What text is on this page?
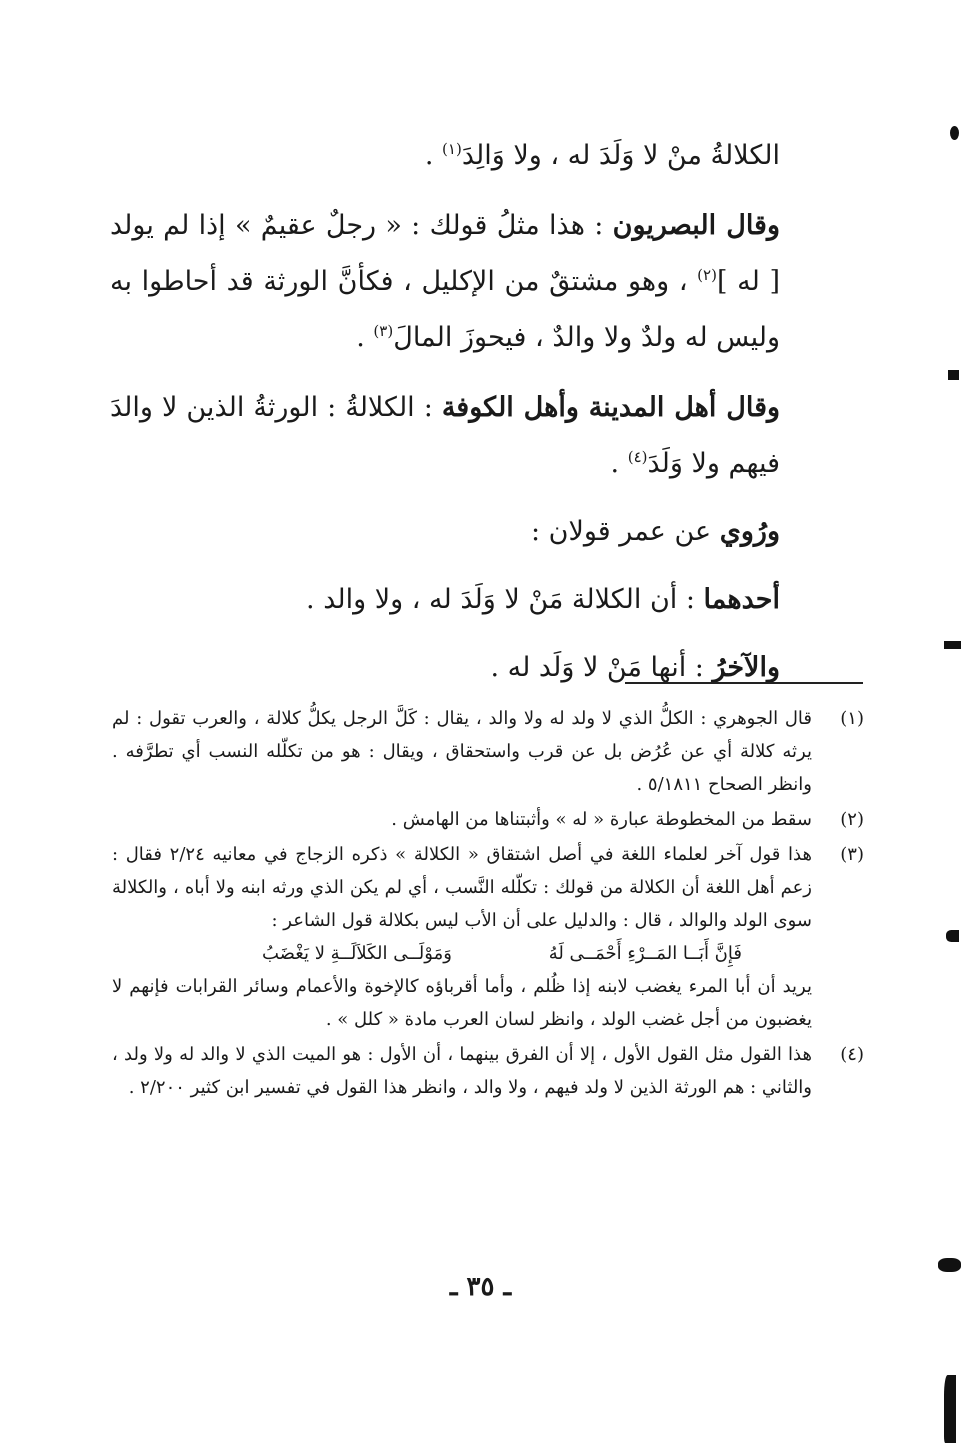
الكلالةُ منْ لا وَلَدَ له ، ولا وَالِدَ$^{(١)}$ .

وقال البصريون : هذا مثلُ قولك : « رجلٌ عقيمٌ » إذا لم يولد [ له ]$^{(٢)}$ ، وهو مشتقٌ من الإكليل ، فكأنَّ الورثة قد أحاطوا به وليس له ولدٌ ولا والدٌ ، فيحوزَ المالَ$^{(٣)}$ .

وقال أهل المدينة وأهل الكوفة : الكلالةُ : الورثةُ الذين لا والدَ فيهم ولا وَلَدَ$^{(٤)}$ .

ورُوي عن عمر قولان :

أحدهما : أن الكلالة مَنْ لا وَلَدَ له ، ولا والد .

والآخرُ : أنها مَنْ لا وَلَد له .

(١)
قال الجوهري : الكلُّ الذي لا ولد له ولا والد ، يقال : كَلَّ الرجل يكلُّ كلالة ، والعرب تقول : لم يرثه كلالة أي عن عُرُض بل عن قرب واستحقاق ، ويقال : هو من تكلّله النسب أي تطرَّفه . وانظر الصحاح ٥/١٨١١ .
(٢)
سقط من المخطوطة عبارة « له » وأثبتناها من الهامش .
(٣)
هذا قول آخر لعلماء اللغة في أصل اشتقاق « الكلالة » ذكره الزجاج في معانيه ٢/٢٤ فقال : زعم أهل اللغة أن الكلالة من قولك : تكلّله النَّسب ، أي لم يكن الذي ورثه ابنه ولا أباه ، والكلالة سوى الولد والوالد ، قال : والدليل على أن الأب ليس بكلالة قول الشاعر :
فَإِنَّ أَبَــا المَــرْءِ أَحْمَــى لَهُ
وَمَوْلَــى الكَلاَلَــةِ لا يَغْضَبُ
يريد أن أبا المرء يغضب لابنه إذا ظُلم ، وأما أقرباؤه كالإخوة والأعمام وسائر القرابات فإنهم لا يغضبون من أجل غضب الولد ، وانظر لسان العرب مادة « كلل » .
(٤)
هذا القول مثل القول الأول ، إلا أن الفرق بينهما ، أن الأول : هو الميت الذي لا والد له ولا ولد ، والثاني : هم الورثة الذين لا ولد فيهم ، ولا والد ، وانظر هذا القول في تفسير ابن كثير ٢/٢٠٠ .
ـ ٣٥ ـ
